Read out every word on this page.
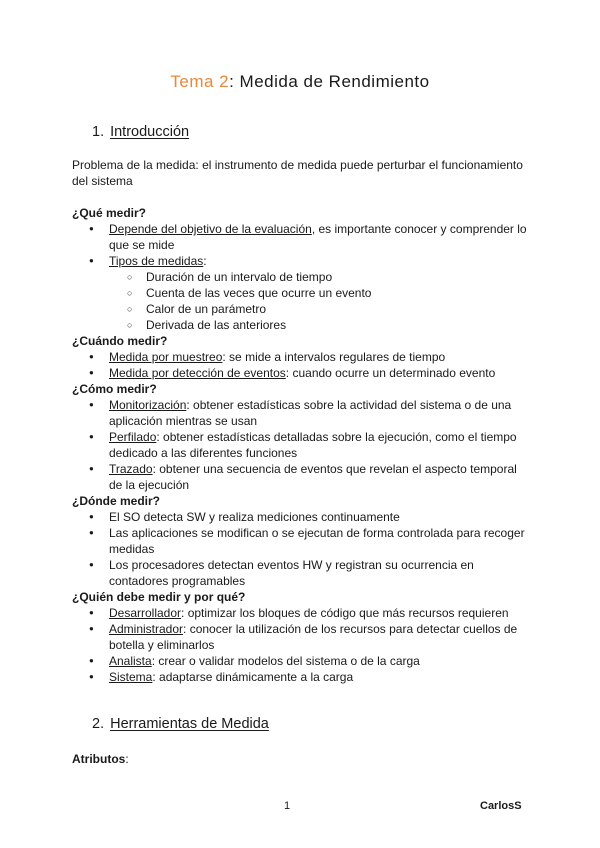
Tema 2: Medida de Rendimiento
1. Introducción

Problema de la medida: el instrumento de medida puede perturbar el funcionamiento del sistema

¿Qué medir?

● Depende del objetivo de la evaluación, es importante conocer y comprender lo que se mide
● Tipos de medidas:
○ Duración de un intervalo de tiempo
○ Cuenta de las veces que ocurre un evento
○ Calor de un parámetro
○ Derivada de las anteriores

¿Cuándo medir?

● Medida por muestreo: se mide a intervalos regulares de tiempo
● Medida por detección de eventos: cuando ocurre un determinado evento

¿Cómo medir?

● Monitorización: obtener estadísticas sobre la actividad del sistema o de una aplicación mientras se usan
● Perfilado: obtener estadísticas detalladas sobre la ejecución, como el tiempo dedicado a las diferentes funciones
● Trazado: obtener una secuencia de eventos que revelan el aspecto temporal de la ejecución

¿Dónde medir?

● El SO detecta SW y realiza mediciones continuamente
● Las aplicaciones se modifican o se ejecutan de forma controlada para recoger medidas
● Los procesadores detectan eventos HW y registran su ocurrencia en contadores programables

¿Quién debe medir y por qué?

● Desarrollador: optimizar los bloques de código que más recursos requieren
● Administrador: conocer la utilización de los recursos para detectar cuellos de botella y eliminarlos
● Analista: crear o validar modelos del sistema o de la carga
● Sistema: adaptarse dinámicamente a la carga
2. Herramientas de Medida
Atributos:
1	CarlosS
